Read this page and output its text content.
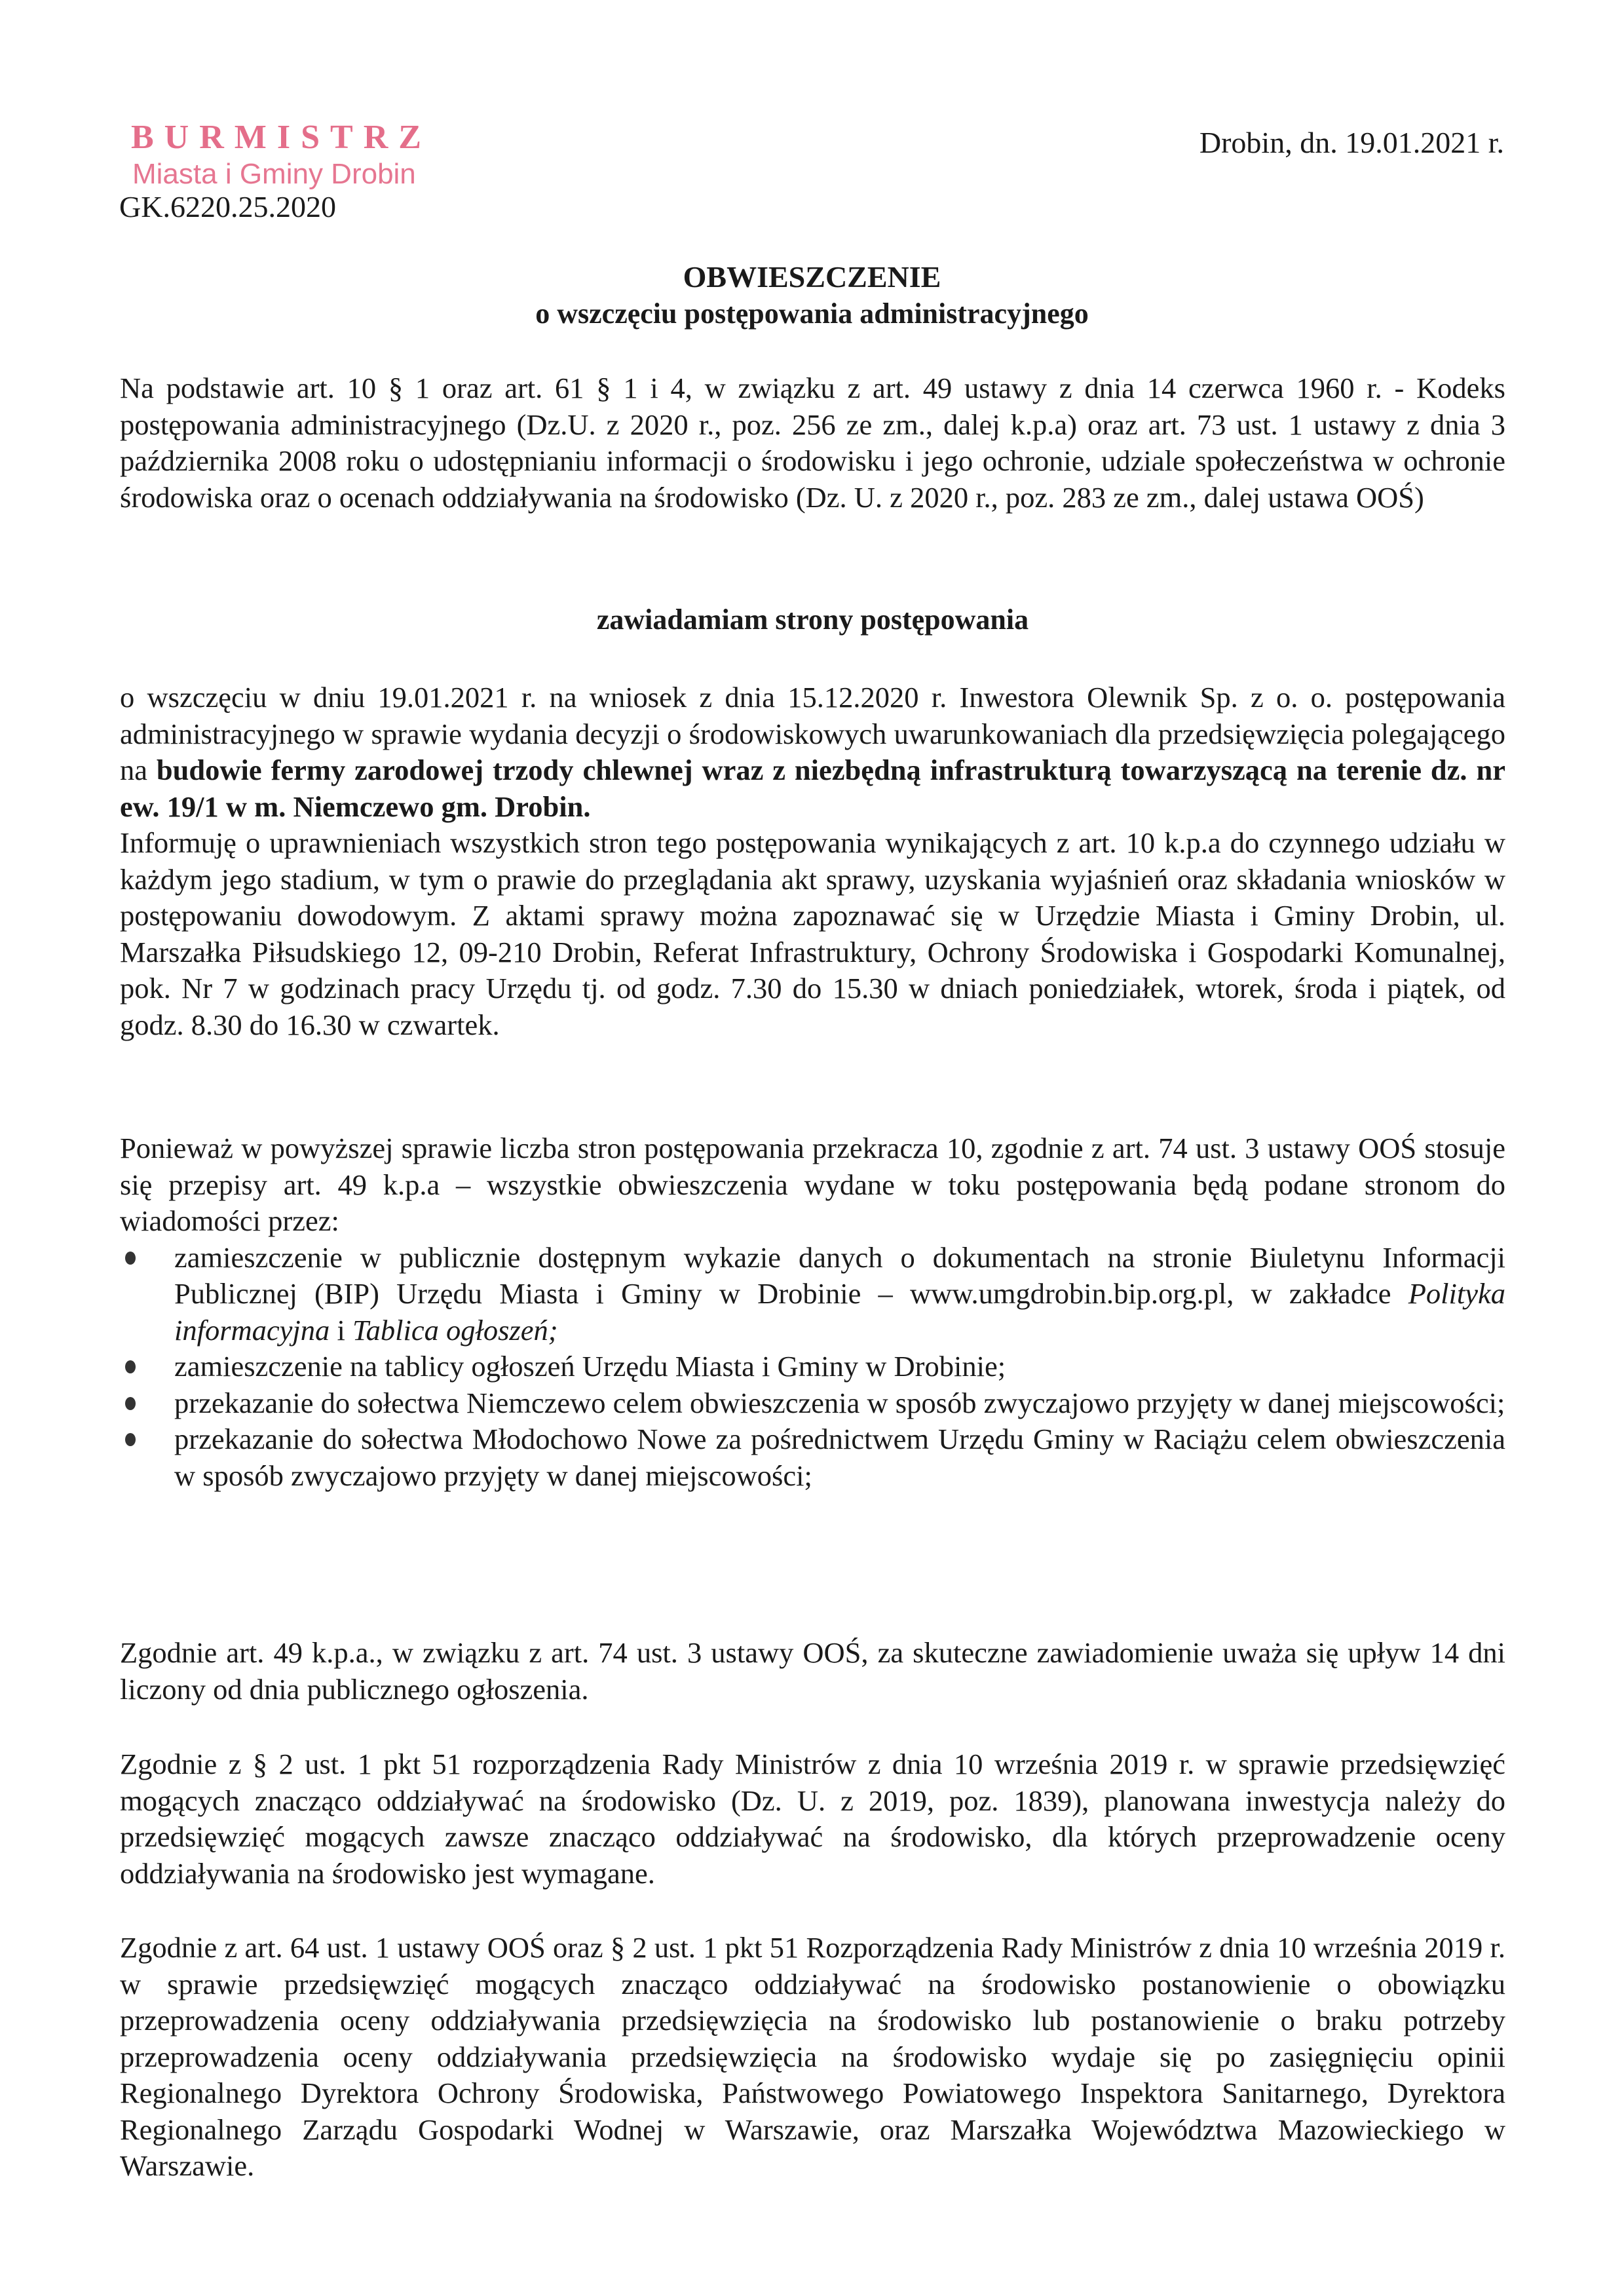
BURMISTRZ
Miasta i Gminy Drobin
GK.6220.25.2020
Drobin, dn. 19.01.2021 r.
OBWIESZCZENIE
o wszczęciu postępowania administracyjnego

Na podstawie art. 10 § 1 oraz art. 61 § 1 i 4, w związku z art. 49 ustawy z dnia 14 czerwca 1960 r. - Kodeks postępowania administracyjnego (Dz.U. z 2020 r., poz. 256 ze zm., dalej k.p.a) oraz art. 73 ust. 1 ustawy z dnia 3 października 2008 roku o udostępnianiu informacji o środowisku i jego ochronie, udziale społeczeństwa w ochronie środowiska oraz o ocenach oddziaływania na środowisko (Dz. U. z 2020 r., poz. 283 ze zm., dalej ustawa OOŚ)

zawiadamiam strony postępowania

o wszczęciu w dniu 19.01.2021 r. na wniosek z dnia 15.12.2020 r. Inwestora Olewnik Sp. z o. o. postępowania administracyjnego w sprawie wydania decyzji o środowiskowych uwarunkowaniach dla przedsięwzięcia polegającego na budowie fermy zarodowej trzody chlewnej wraz z niezbędną infrastrukturą towarzyszącą na terenie dz. nr ew. 19/1 w m. Niemczewo gm. Drobin.

Informuję o uprawnieniach wszystkich stron tego postępowania wynikających z art. 10 k.p.a do czynnego udziału w każdym jego stadium, w tym o prawie do przeglądania akt sprawy, uzyskania wyjaśnień oraz składania wniosków w postępowaniu dowodowym. Z aktami sprawy można zapoznawać się w Urzędzie Miasta i Gminy Drobin, ul. Marszałka Piłsudskiego 12, 09-210 Drobin, Referat Infrastruktury, Ochrony Środowiska i Gospodarki Komunalnej, pok. Nr 7 w godzinach pracy Urzędu tj. od godz. 7.30 do 15.30 w dniach poniedziałek, wtorek, środa i piątek, od godz. 8.30 do 16.30 w czwartek.

Ponieważ w powyższej sprawie liczba stron postępowania przekracza 10, zgodnie z art. 74 ust. 3 ustawy OOŚ stosuje się przepisy art. 49 k.p.a – wszystkie obwieszczenia wydane w toku postępowania będą podane stronom do wiadomości przez:

zamieszczenie w publicznie dostępnym wykazie danych o dokumentach na stronie Biuletynu Informacji Publicznej (BIP) Urzędu Miasta i Gminy w Drobinie – www.umgdrobin.bip.org.pl, w zakładce Polityka informacyjna i Tablica ogłoszeń;
zamieszczenie na tablicy ogłoszeń Urzędu Miasta i Gminy w Drobinie;
przekazanie do sołectwa Niemczewo celem obwieszczenia w sposób zwyczajowo przyjęty w danej miejscowości;
przekazanie do sołectwa Młodochowo Nowe za pośrednictwem Urzędu Gminy w Raciążu celem obwieszczenia w sposób zwyczajowo przyjęty w danej miejscowości;

Zgodnie art. 49 k.p.a., w związku z art. 74 ust. 3 ustawy OOŚ, za skuteczne zawiadomienie uważa się upływ 14 dni liczony od dnia publicznego ogłoszenia.

Zgodnie z § 2 ust. 1 pkt 51 rozporządzenia Rady Ministrów z dnia 10 września 2019 r. w sprawie przedsięwzięć mogących znacząco oddziaływać na środowisko (Dz. U. z 2019, poz. 1839), planowana inwestycja należy do przedsięwzięć mogących zawsze znacząco oddziaływać na środowisko, dla których przeprowadzenie oceny oddziaływania na środowisko jest wymagane.

Zgodnie z art. 64 ust. 1 ustawy OOŚ oraz § 2 ust. 1 pkt 51 Rozporządzenia Rady Ministrów z dnia 10 września 2019 r. w sprawie przedsięwzięć mogących znacząco oddziaływać na środowisko postanowienie o obowiązku przeprowadzenia oceny oddziaływania przedsięwzięcia na środowisko lub postanowienie o braku potrzeby przeprowadzenia oceny oddziaływania przedsięwzięcia na środowisko wydaje się po zasięgnięciu opinii Regionalnego Dyrektora Ochrony Środowiska, Państwowego Powiatowego Inspektora Sanitarnego, Dyrektora Regionalnego Zarządu Gospodarki Wodnej w Warszawie, oraz Marszałka Województwa Mazowieckiego w Warszawie.
